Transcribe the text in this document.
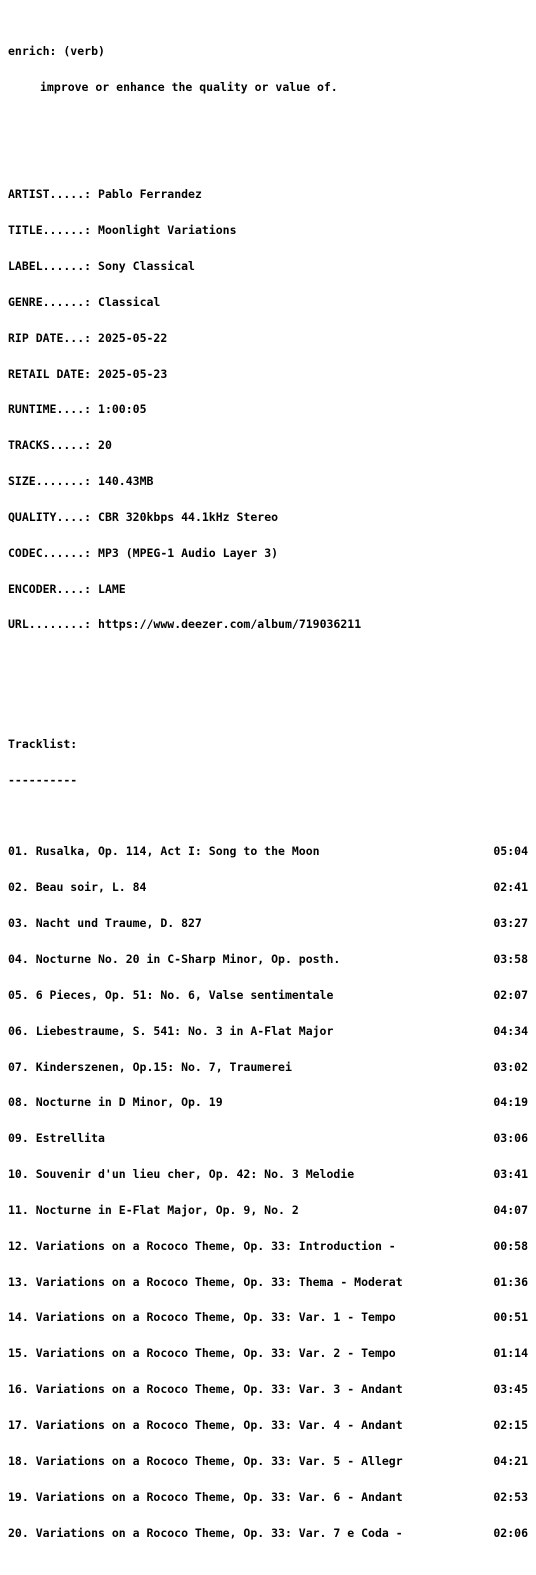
enrich: (verb)

improve or enhance the quality or value of.

ARTIST.....: Pablo Ferrandez

TITLE......: Moonlight Variations

LABEL......: Sony Classical

GENRE......: Classical

RIP DATE...: 2025-05-22

RETAIL DATE: 2025-05-23

RUNTIME....: 1:00:05

TRACKS.....: 20

SIZE.......: 140.43MB

QUALITY....: CBR 320kbps 44.1kHz Stereo

CODEC......: MP3 (MPEG-1 Audio Layer 3)

ENCODER....: LAME

URL........: https://www.deezer.com/album/719036211

Tracklist:

----------

01. Rusalka, Op. 114, Act I: Song to the Moon	05:04

02. Beau soir, L. 84	02:41

03. Nacht und Traume, D. 827	03:27

04. Nocturne No. 20 in C-Sharp Minor, Op. posth.	03:58

05. 6 Pieces, Op. 51: No. 6, Valse sentimentale	02:07

06. Liebestraume, S. 541: No. 3 in A-Flat Major	04:34

07. Kinderszenen, Op.15: No. 7, Traumerei	03:02

08. Nocturne in D Minor, Op. 19	04:19

09. Estrellita	03:06

10. Souvenir d'un lieu cher, Op. 42: No. 3 Melodie	03:41

11. Nocturne in E-Flat Major, Op. 9, No. 2	04:07

12. Variations on a Rococo Theme, Op. 33: Introduction -	00:58

13. Variations on a Rococo Theme, Op. 33: Thema - Moderat	01:36

14. Variations on a Rococo Theme, Op. 33: Var. 1 - Tempo	00:51

15. Variations on a Rococo Theme, Op. 33: Var. 2 - Tempo	01:14

16. Variations on a Rococo Theme, Op. 33: Var. 3 - Andant	03:45

17. Variations on a Rococo Theme, Op. 33: Var. 4 - Andant	02:15

18. Variations on a Rococo Theme, Op. 33: Var. 5 - Allegr	04:21

19. Variations on a Rococo Theme, Op. 33: Var. 6 - Andant	02:53

20. Variations on a Rococo Theme, Op. 33: Var. 7 e Coda -	02:06
